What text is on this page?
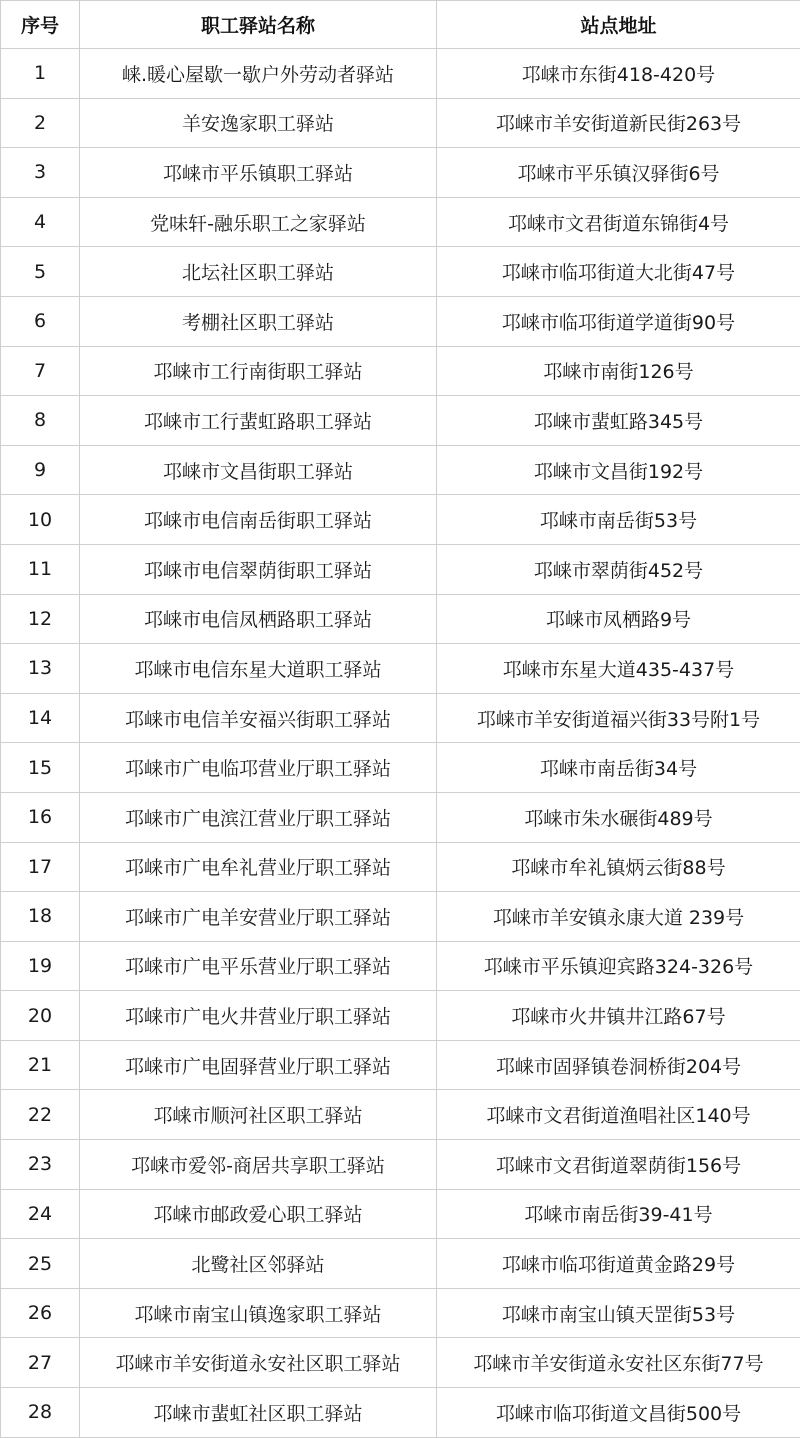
序号	职工驿站名称	站点地址
1	崃.暖心屋歇一歇户外劳动者驿站	邛崃市东街418-420号
2	羊安逸家职工驿站	邛崃市羊安街道新民街263号
3	邛崃市平乐镇职工驿站	邛崃市平乐镇汉驿街6号
4	党味轩-融乐职工之家驿站	邛崃市文君街道东锦街4号
5	北坛社区职工驿站	邛崃市临邛街道大北街47号
6	考棚社区职工驿站	邛崃市临邛街道学道街90号
7	邛崃市工行南街职工驿站	邛崃市南街126号
8	邛崃市工行蜚虹路职工驿站	邛崃市蜚虹路345号
9	邛崃市文昌街职工驿站	邛崃市文昌街192号
10	邛崃市电信南岳街职工驿站	邛崃市南岳街53号
11	邛崃市电信翠荫街职工驿站	邛崃市翠荫街452号
12	邛崃市电信凤栖路职工驿站	邛崃市凤栖路9号
13	邛崃市电信东星大道职工驿站	邛崃市东星大道435-437号
14	邛崃市电信羊安福兴街职工驿站	邛崃市羊安街道福兴街33号附1号
15	邛崃市广电临邛营业厅职工驿站	邛崃市南岳街34号
16	邛崃市广电滨江营业厅职工驿站	邛崃市朱水碾街489号
17	邛崃市广电牟礼营业厅职工驿站	邛崃市牟礼镇炳云街88号
18	邛崃市广电羊安营业厅职工驿站	邛崃市羊安镇永康大道 239号
19	邛崃市广电平乐营业厅职工驿站	邛崃市平乐镇迎宾路324-326号
20	邛崃市广电火井营业厅职工驿站	邛崃市火井镇井江路67号
21	邛崃市广电固驿营业厅职工驿站	邛崃市固驿镇卷洞桥街204号
22	邛崃市顺河社区职工驿站	邛崃市文君街道渔唱社区140号
23	邛崃市爱邻-商居共享职工驿站	邛崃市文君街道翠荫街156号
24	邛崃市邮政爱心职工驿站	邛崃市南岳街39-41号
25	北鹭社区邻驿站	邛崃市临邛街道黄金路29号
26	邛崃市南宝山镇逸家职工驿站	邛崃市南宝山镇天罡街53号
27	邛崃市羊安街道永安社区职工驿站	邛崃市羊安街道永安社区东街77号
28	邛崃市蜚虹社区职工驿站	邛崃市临邛街道文昌街500号
